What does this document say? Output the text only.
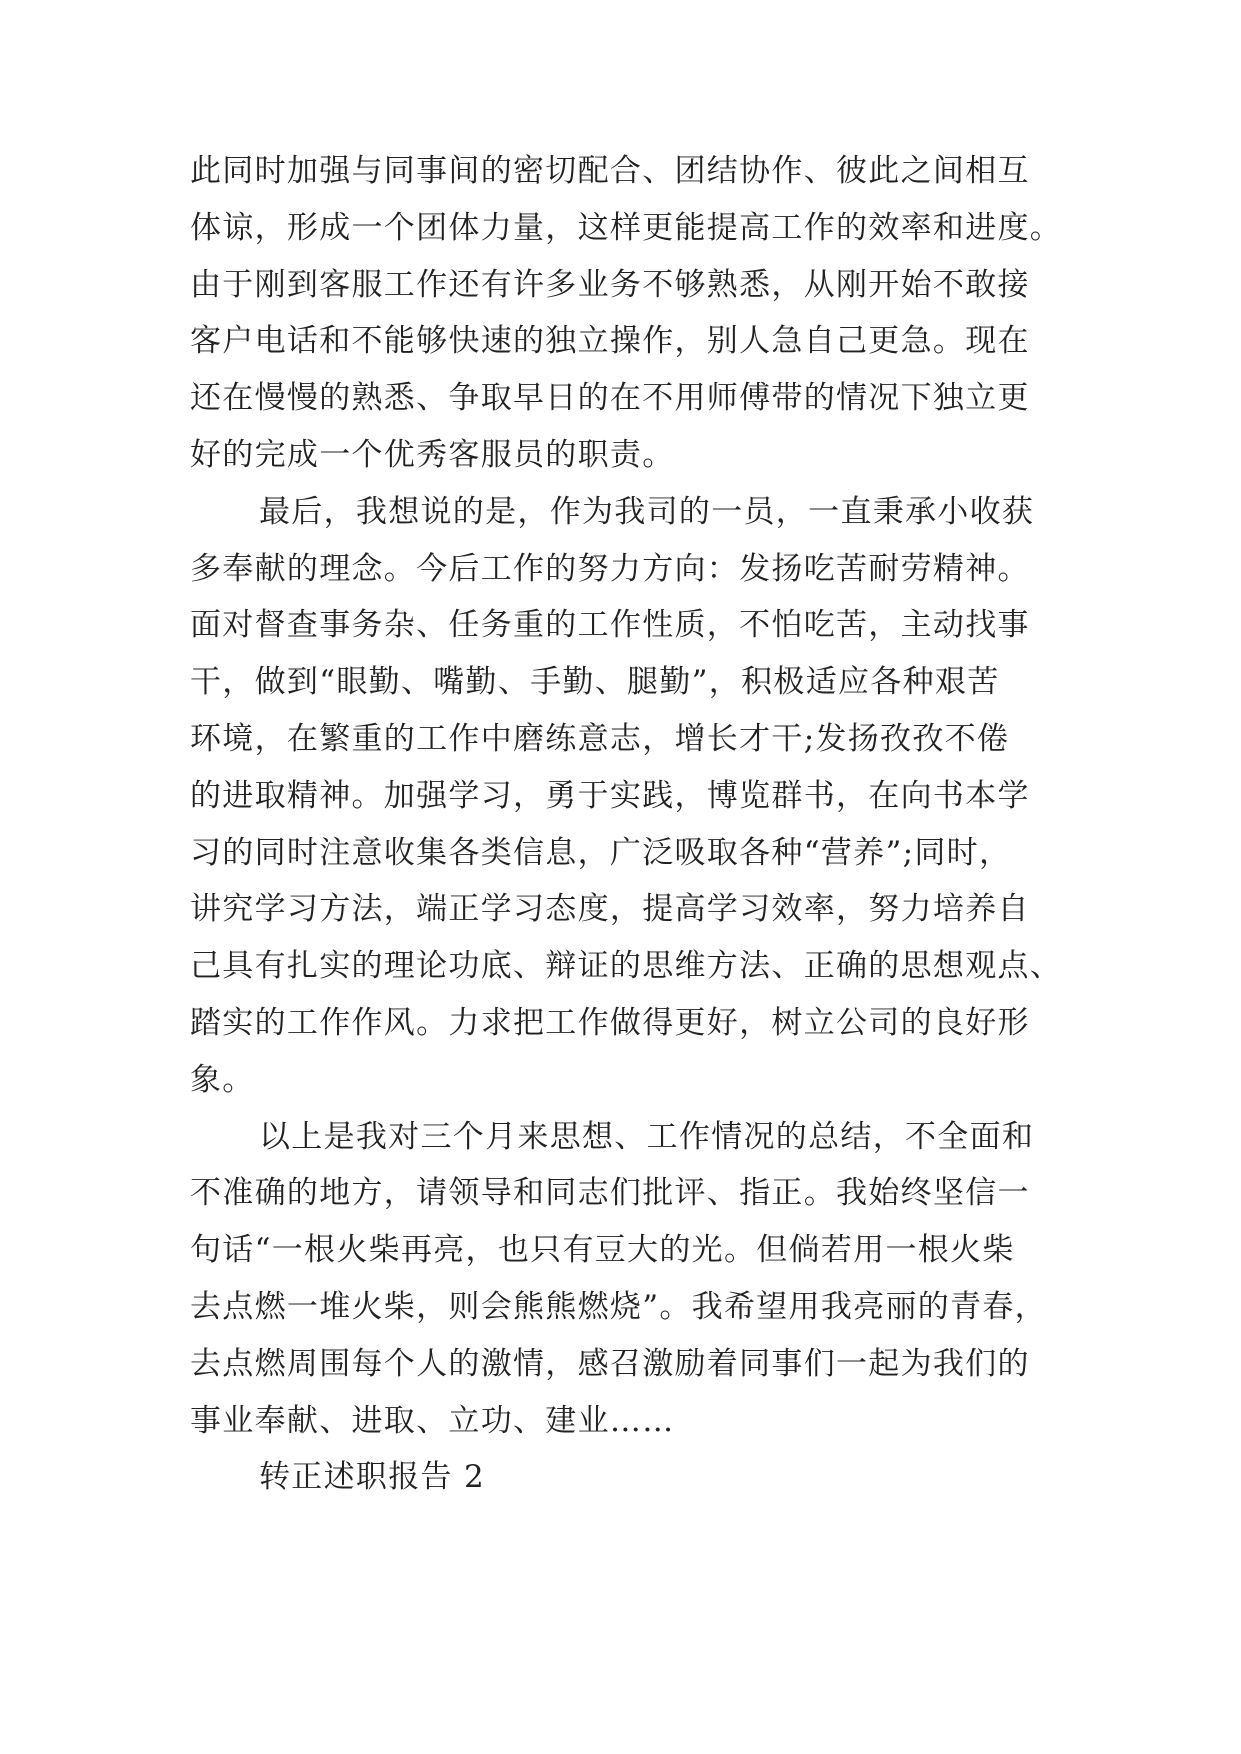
此同时加强与同事间的密切配合、团结协作、彼此之间相互
体谅，形成一个团体力量，这样更能提高工作的效率和进度。
由于刚到客服工作还有许多业务不够熟悉，从刚开始不敢接
客户电话和不能够快速的独立操作，别人急自己更急。现在
还在慢慢的熟悉、争取早日的在不用师傅带的情况下独立更
好的完成一个优秀客服员的职责。
最后，我想说的是，作为我司的一员，一直秉承小收获
多奉献的理念。今后工作的努力方向：发扬吃苦耐劳精神。
面对督查事务杂、任务重的工作性质，不怕吃苦，主动找事
干，做到“眼勤、嘴勤、手勤、腿勤”，积极适应各种艰苦
环境，在繁重的工作中磨练意志，增长才干;发扬孜孜不倦
的进取精神。加强学习，勇于实践，博览群书，在向书本学
习的同时注意收集各类信息，广泛吸取各种“营养”;同时，
讲究学习方法，端正学习态度，提高学习效率，努力培养自
己具有扎实的理论功底、辩证的思维方法、正确的思想观点、
踏实的工作作风。力求把工作做得更好，树立公司的良好形
象。
以上是我对三个月来思想、工作情况的总结，不全面和
不准确的地方，请领导和同志们批评、指正。我始终坚信一
句话“一根火柴再亮，也只有豆大的光。但倘若用一根火柴
去点燃一堆火柴，则会熊熊燃烧”。我希望用我亮丽的青春，
去点燃周围每个人的激情，感召激励着同事们一起为我们的
事业奉献、进取、立功、建业……
转正述职报告 2
